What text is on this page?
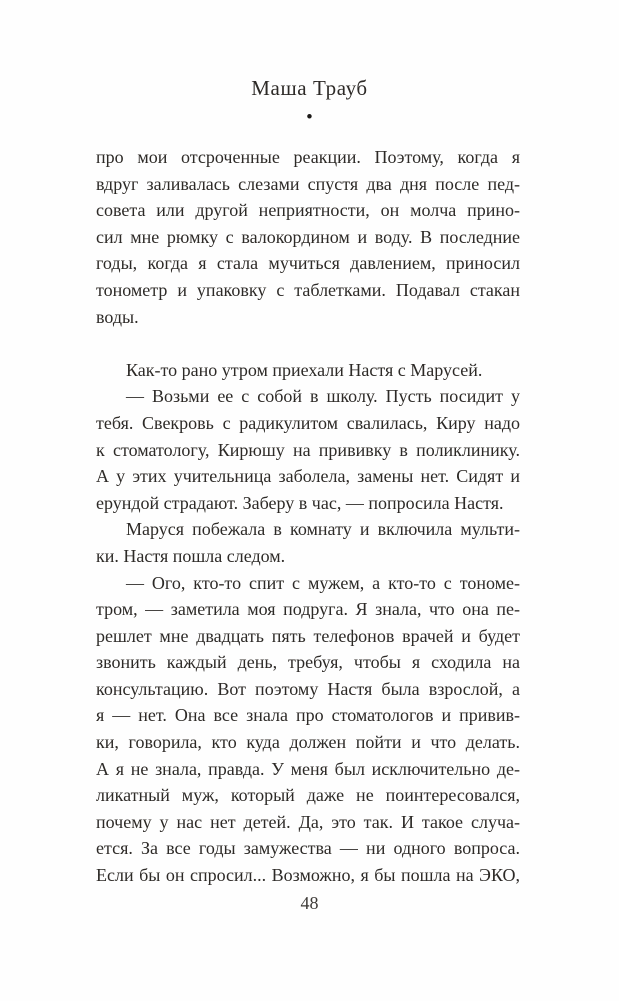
Маша Трауб
•
про мои отсроченные реакции. Поэтому, когда я
вдруг заливалась слезами спустя два дня после пед-
совета или другой неприятности, он молча прино-
сил мне рюмку с валокордином и воду. В последние
годы, когда я стала мучиться давлением, приносил
тонометр и упаковку с таблетками. Подавал стакан
воды.
Как-то рано утром приехали Настя с Марусей.
— Возьми ее с собой в школу. Пусть посидит у
тебя. Свекровь с радикулитом свалилась, Киру надо
к стоматологу, Кирюшу на прививку в поликлинику.
А у этих учительница заболела, замены нет. Сидят и
ерундой страдают. Заберу в час, — попросила Настя.
Маруся побежала в комнату и включила мульти-
ки. Настя пошла следом.
— Ого, кто-то спит с мужем, а кто-то с тономе-
тром, — заметила моя подруга. Я знала, что она пе-
решлет мне двадцать пять телефонов врачей и будет
звонить каждый день, требуя, чтобы я сходила на
консультацию. Вот поэтому Настя была взрослой, а
я — нет. Она все знала про стоматологов и привив-
ки, говорила, кто куда должен пойти и что делать.
А я не знала, правда. У меня был исключительно де-
ликатный муж, который даже не поинтересовался,
почему у нас нет детей. Да, это так. И такое случа-
ется. За все годы замужества — ни одного вопроса.
Если бы он спросил... Возможно, я бы пошла на ЭКО,
48
